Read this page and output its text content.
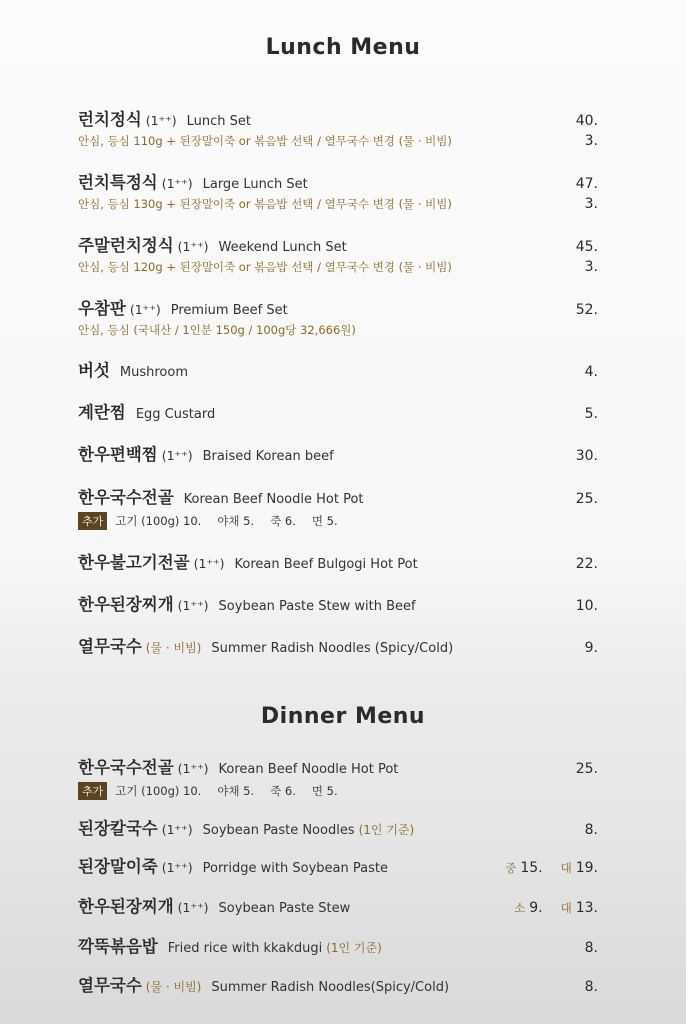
Lunch Menu
런치정식 (1⁺⁺) Lunch Set	40.
안심, 등심 110g + 된장말이죽 or 볶음밥 선택 / 열무국수 변경 (물 · 비빔)	3.
런치특정식 (1⁺⁺) Large Lunch Set	47.
안심, 등심 130g + 된장말이죽 or 볶음밥 선택 / 열무국수 변경 (물 · 비빔)	3.
주말런치정식 (1⁺⁺) Weekend Lunch Set	45.
안심, 등심 120g + 된장말이죽 or 볶음밥 선택 / 열무국수 변경 (물 · 비빔)	3.
우참판 (1⁺⁺) Premium Beef Set	52.
안심, 등심 (국내산 / 1인분 150g / 100g당 32,666원)
버섯 Mushroom	4.
계란찜 Egg Custard	5.
한우편백찜 (1⁺⁺) Braised Korean beef	30.
한우국수전골 Korean Beef Noodle Hot Pot	25.
추가	고기 (100g) 10. 야채 5. 죽 6. 면 5.
한우불고기전골 (1⁺⁺) Korean Beef Bulgogi Hot Pot	22.
한우된장찌개 (1⁺⁺) Soybean Paste Stew with Beef	10.
열무국수 (물 · 비빔) Summer Radish Noodles (Spicy/Cold)	9.
Dinner Menu
한우국수전골 (1⁺⁺) Korean Beef Noodle Hot Pot	25.
추가	고기 (100g) 10. 야채 5. 죽 6. 면 5.
된장칼국수 (1⁺⁺) Soybean Paste Noodles (1인 기준)	8.
된장말이죽 (1⁺⁺) Porridge with Soybean Paste	중 15. 대 19.
한우된장찌개 (1⁺⁺) Soybean Paste Stew	소 9. 대 13.
깍뚝볶음밥 Fried rice with kkakdugi (1인 기준)	8.
열무국수 (물 · 비빔) Summer Radish Noodles(Spicy/Cold)	8.
